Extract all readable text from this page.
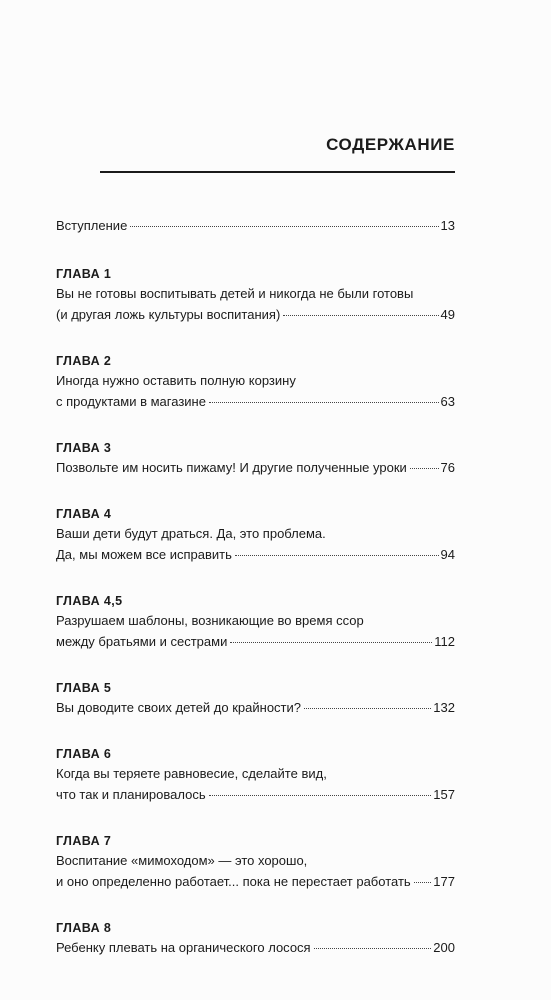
СОДЕРЖАНИЕ
Вступление	13
ГЛАВА 1
Вы не готовы воспитывать детей и никогда не были готовы
(и другая ложь культуры воспитания)	49
ГЛАВА 2
Иногда нужно оставить полную корзину
с продуктами в магазине	63
ГЛАВА 3
Позвольте им носить пижаму! И другие полученные уроки	76
ГЛАВА 4
Ваши дети будут драться. Да, это проблема.
Да, мы можем все исправить	94
ГЛАВА 4,5
Разрушаем шаблоны, возникающие во время ссор
между братьями и сестрами	112
ГЛАВА 5
Вы доводите своих детей до крайности?	132
ГЛАВА 6
Когда вы теряете равновесие, сделайте вид,
что так и планировалось	157
ГЛАВА 7
Воспитание «мимоходом» — это хорошо,
и оно определенно работает... пока не перестает работать 177
ГЛАВА 8
Ребенку плевать на органического лосося	200
